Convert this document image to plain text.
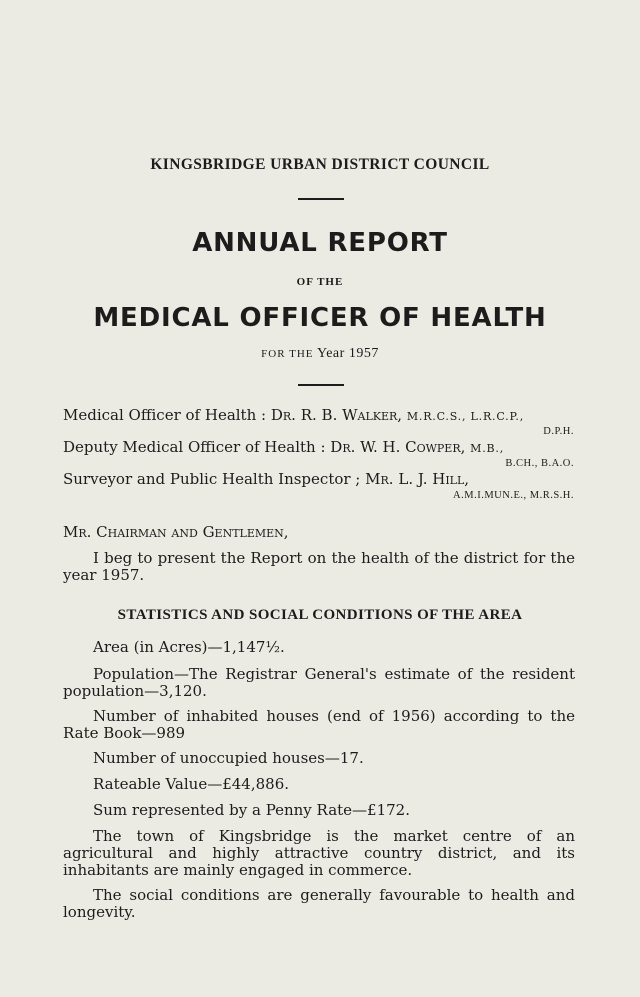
KINGSBRIDGE URBAN DISTRICT COUNCIL
ANNUAL REPORT
OF THE
MEDICAL OFFICER OF HEALTH
FOR THE Year 1957
Medical Officer of Health : Dr. R. B. Walker, M.R.C.S., L.R.C.P.,
D.P.H.
Deputy Medical Officer of Health : Dr. W. H. Cowper, M.B.,
B.CH., B.A.O.
Surveyor and Public Health Inspector ; Mr. L. J. Hill,
A.M.I.MUN.E., M.R.S.H.
Mr. Chairman and Gentlemen,
I beg to present the Report on the health of the district for the year 1957.
STATISTICS AND SOCIAL CONDITIONS OF THE AREA
Area (in Acres)—1,147½.
Population—The Registrar General's estimate of the resident population—3,120.
Number of inhabited houses (end of 1956) according to the Rate Book—989
Number of unoccupied houses—17.
Rateable Value—£44,886.
Sum represented by a Penny Rate—£172.
The town of Kingsbridge is the market centre of an agricultural and highly attractive country district, and its inhabitants are mainly engaged in commerce.
The social conditions are generally favourable to health and longevity.
